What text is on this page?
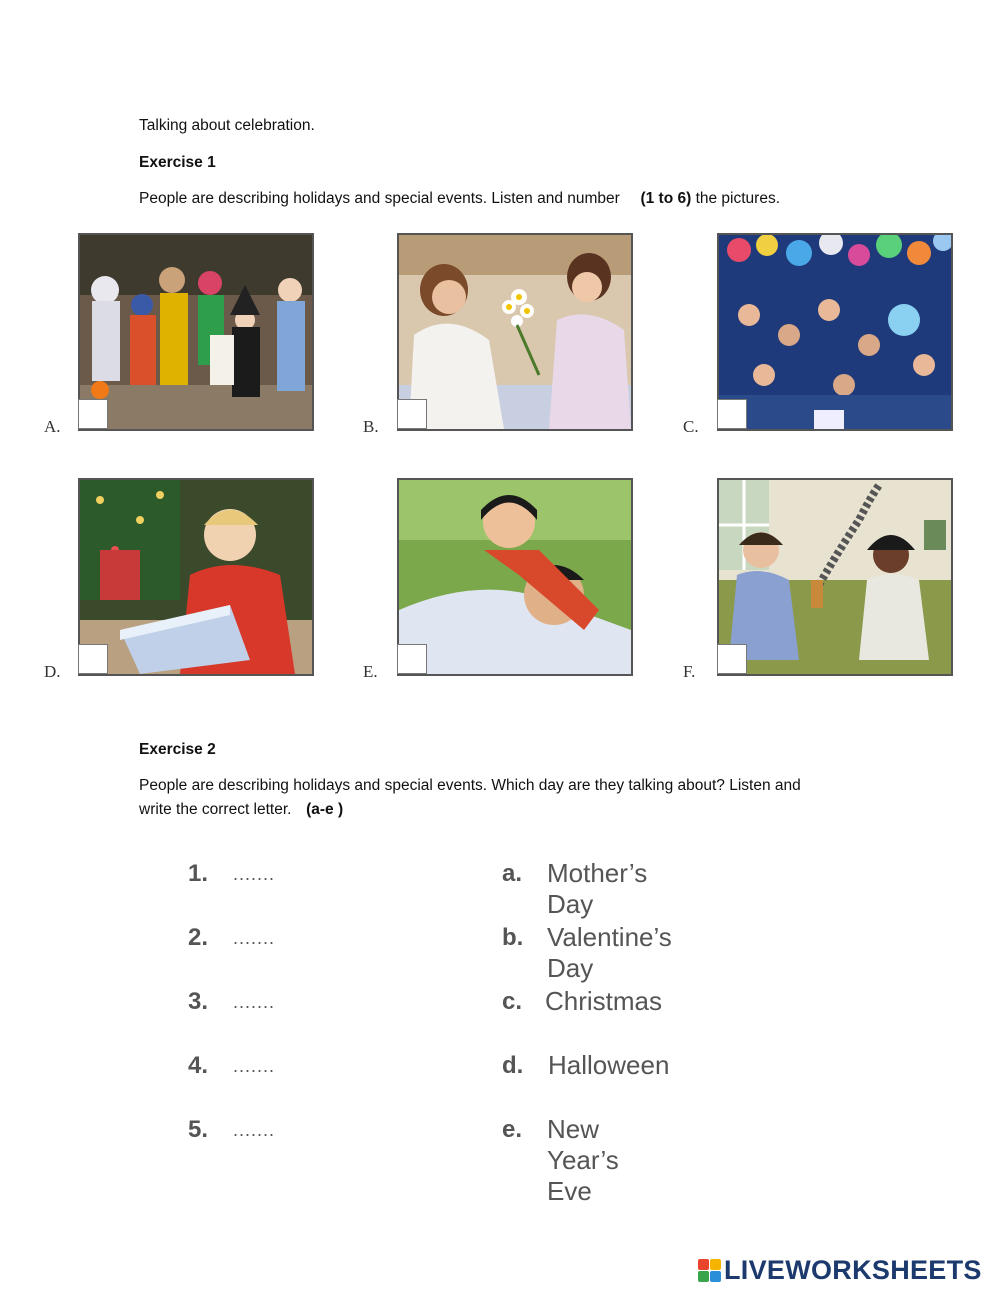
Talking about celebration.
Exercise 1
People are describing holidays and special events. Listen and number (1 to 6) the pictures.
A.	B.	C.
D.	E.	F.
Exercise 2
People are describing holidays and special events. Which day are they talking about? Listen and
write the correct letter. (a-e )
1. .......	a. Mother’s Day
2. .......	b. Valentine’s Day
3. .......	c. Christmas
4. .......	d. Halloween
5. .......	e. New Year’s Eve
LIVEWORKSHEETS
